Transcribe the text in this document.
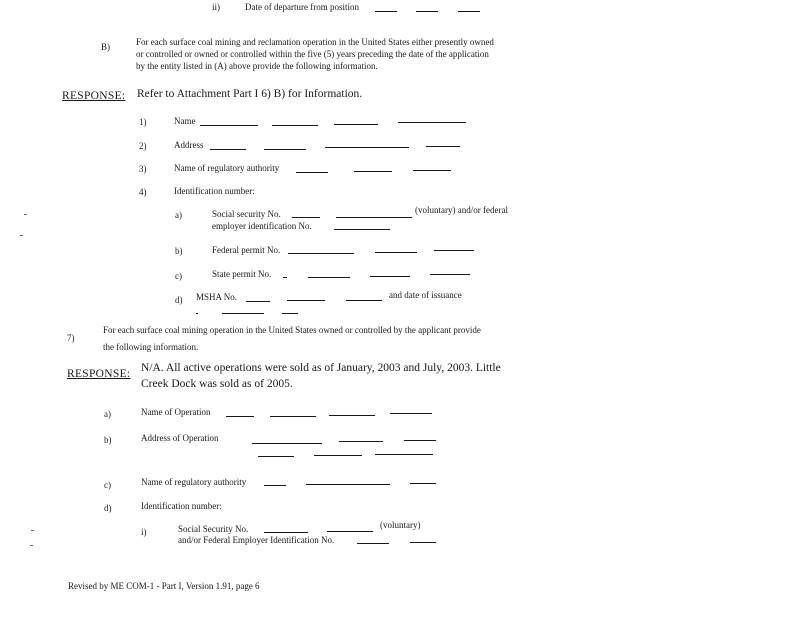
ii)	Date of departure from position
B)	For each surface coal mining and reclamation operation in the United States either presently owned
or controlled or owned or controlled within the five (5) years preceding the date of the application
by the entity listed in (A) above provide the following information.
RESPONSE: Refer to Attachment Part I 6) B) for Information.
1)	Name
2)	Address
3)	Name of regulatory authority
4)	Identification number:
a)	Social security No.	(voluntary) and/or federal
employer identification No.
b)	Federal permit No.
c)	State permit No.
d) MSHA No.	and date of issuance
7)
For each surface coal mining operation in the United States owned or controlled by the applicant provide
the following information.
RESPONSE: N/A. All active operations were sold as of January, 2003 and July, 2003. Little
Creek Dock was sold as of 2005.
a)	Name of Operation
b)	Address of Operation
c)	Name of regulatory authority
d)	Identification number:
i)	Social Security No.	(voluntary)
and/or Federal Employer Identification No.
Revised by ME COM-1 - Part I, Version 1.91, page 6
